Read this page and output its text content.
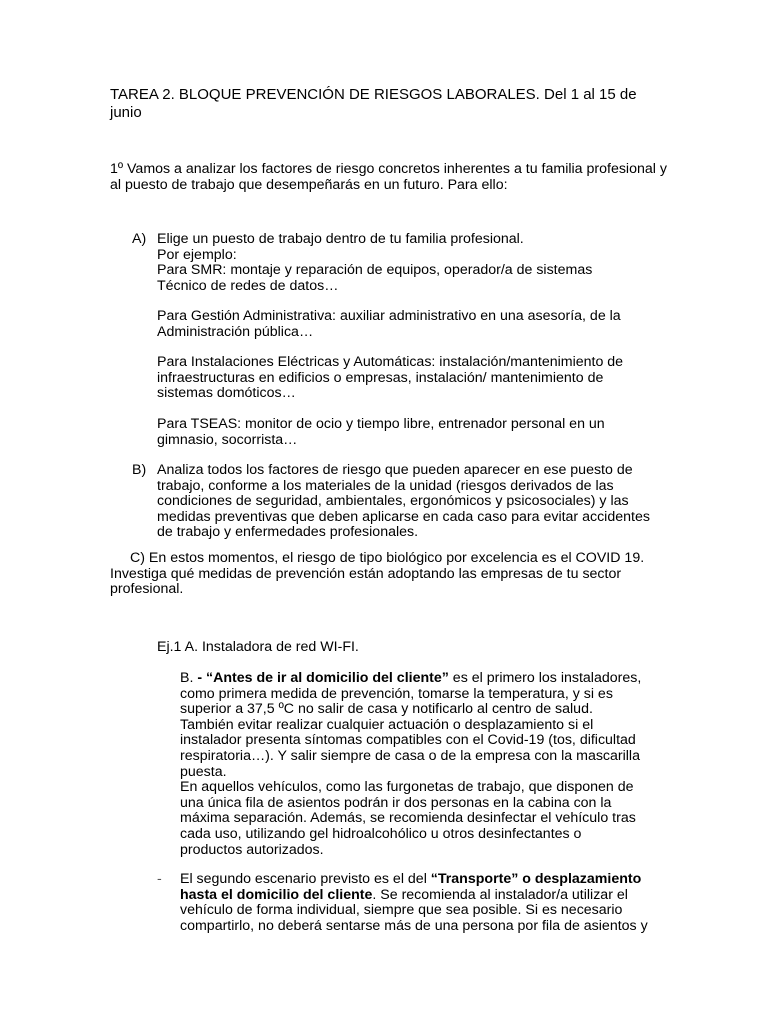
TAREA 2. BLOQUE PREVENCIÓN DE RIESGOS LABORALES. Del 1 al 15 de junio

1º Vamos a analizar los factores de riesgo concretos inherentes a tu familia profesional y al puesto de trabajo que desempeñarás en un futuro. Para ello:

A) Elige un puesto de trabajo dentro de tu familia profesional.
Por ejemplo:
Para SMR: montaje y reparación de equipos, operador/a de sistemas
Técnico de redes de datos…

Para Gestión Administrativa: auxiliar administrativo en una asesoría, de la Administración pública…

Para Instalaciones Eléctricas y Automáticas: instalación/mantenimiento de infraestructuras en edificios o empresas, instalación/ mantenimiento de sistemas domóticos…

Para TSEAS: monitor de ocio y tiempo libre, entrenador personal en un gimnasio, socorrista…

B) Analiza todos los factores de riesgo que pueden aparecer en ese puesto de trabajo, conforme a los materiales de la unidad (riesgos derivados de las condiciones de seguridad, ambientales, ergonómicos y psicosociales) y las medidas preventivas que deben aplicarse en cada caso para evitar accidentes de trabajo y enfermedades profesionales.

C) En estos momentos, el riesgo de tipo biológico por excelencia es el COVID 19. Investiga qué medidas de prevención están adoptando las empresas de tu sector profesional.

Ej.1 A. Instaladora de red WI-FI.

B. - “Antes de ir al domicilio del cliente” es el primero los instaladores, como primera medida de prevención, tomarse la temperatura, y si es superior a 37,5 ºC no salir de casa y notificarlo al centro de salud. También evitar realizar cualquier actuación o desplazamiento si el instalador presenta síntomas compatibles con el Covid-19 (tos, dificultad respiratoria…). Y salir siempre de casa o de la empresa con la mascarilla puesta.
En aquellos vehículos, como las furgonetas de trabajo, que disponen de una única fila de asientos podrán ir dos personas en la cabina con la máxima separación. Además, se recomienda desinfectar el vehículo tras cada uso, utilizando gel hidroalcohólico u otros desinfectantes o productos autorizados.
- El segundo escenario previsto es el del “Transporte” o desplazamiento hasta el domicilio del cliente. Se recomienda al instalador/a utilizar el vehículo de forma individual, siempre que sea posible. Si es necesario compartirlo, no deberá sentarse más de una persona por fila de asientos y
